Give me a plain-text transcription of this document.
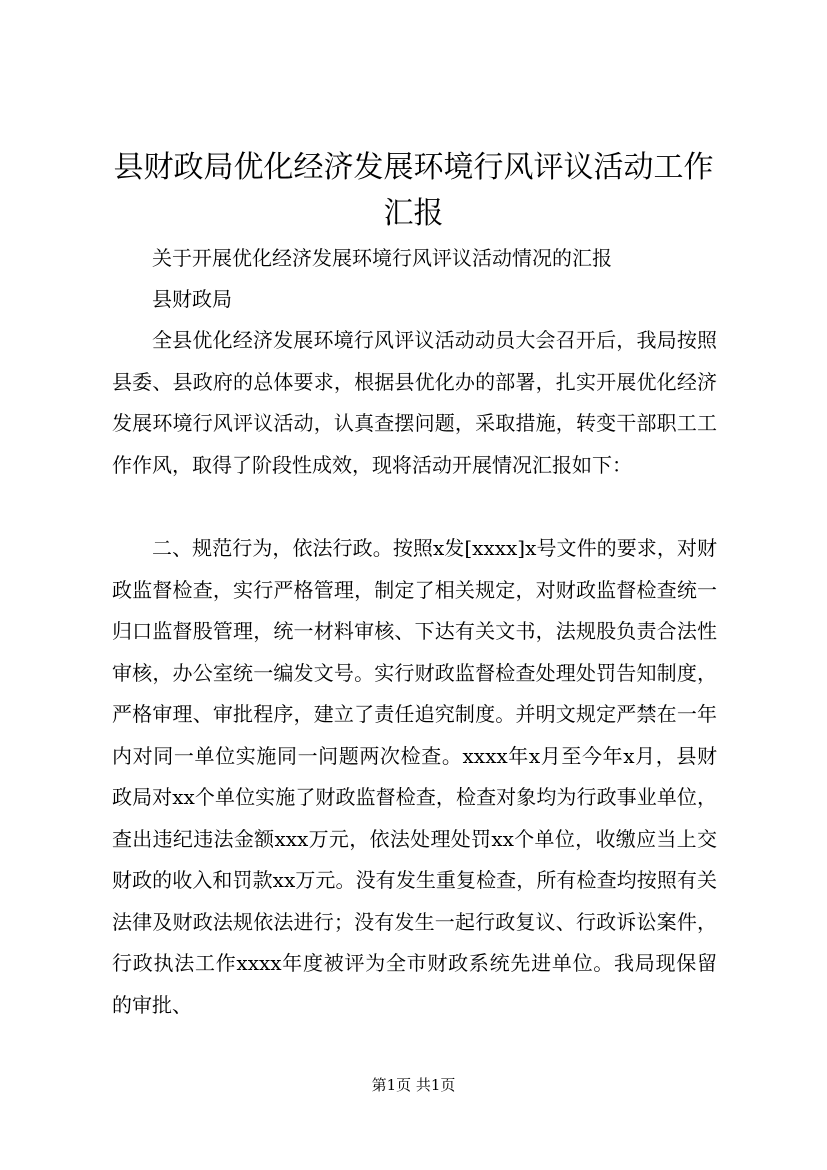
县财政局优化经济发展环境行风评议活动工作汇报

关于开展优化经济发展环境行风评议活动情况的汇报

县财政局

全县优化经济发展环境行风评议活动动员大会召开后，我局按照县委、县政府的总体要求，根据县优化办的部署，扎实开展优化经济发展环境行风评议活动，认真查摆问题，采取措施，转变干部职工工作作风，取得了阶段性成效，现将活动开展情况汇报如下：

二、规范行为，依法行政。按照x发[xxxx]x号文件的要求，对财政监督检查，实行严格管理，制定了相关规定，对财政监督检查统一归口监督股管理，统一材料审核、下达有关文书，法规股负责合法性审核，办公室统一编发文号。实行财政监督检查处理处罚告知制度，严格审理、审批程序，建立了责任追究制度。并明文规定严禁在一年内对同一单位实施同一问题两次检查。xxxx年x月至今年x月，县财政局对xx个单位实施了财政监督检查，检查对象均为行政事业单位，查出违纪违法金额xxx万元，依法处理处罚xx个单位，收缴应当上交财政的收入和罚款xx万元。没有发生重复检查，所有检查均按照有关法律及财政法规依法进行；没有发生一起行政复议、行政诉讼案件，行政执法工作xxxx年度被评为全市财政系统先进单位。我局现保留的审批、

第1页 共1页
